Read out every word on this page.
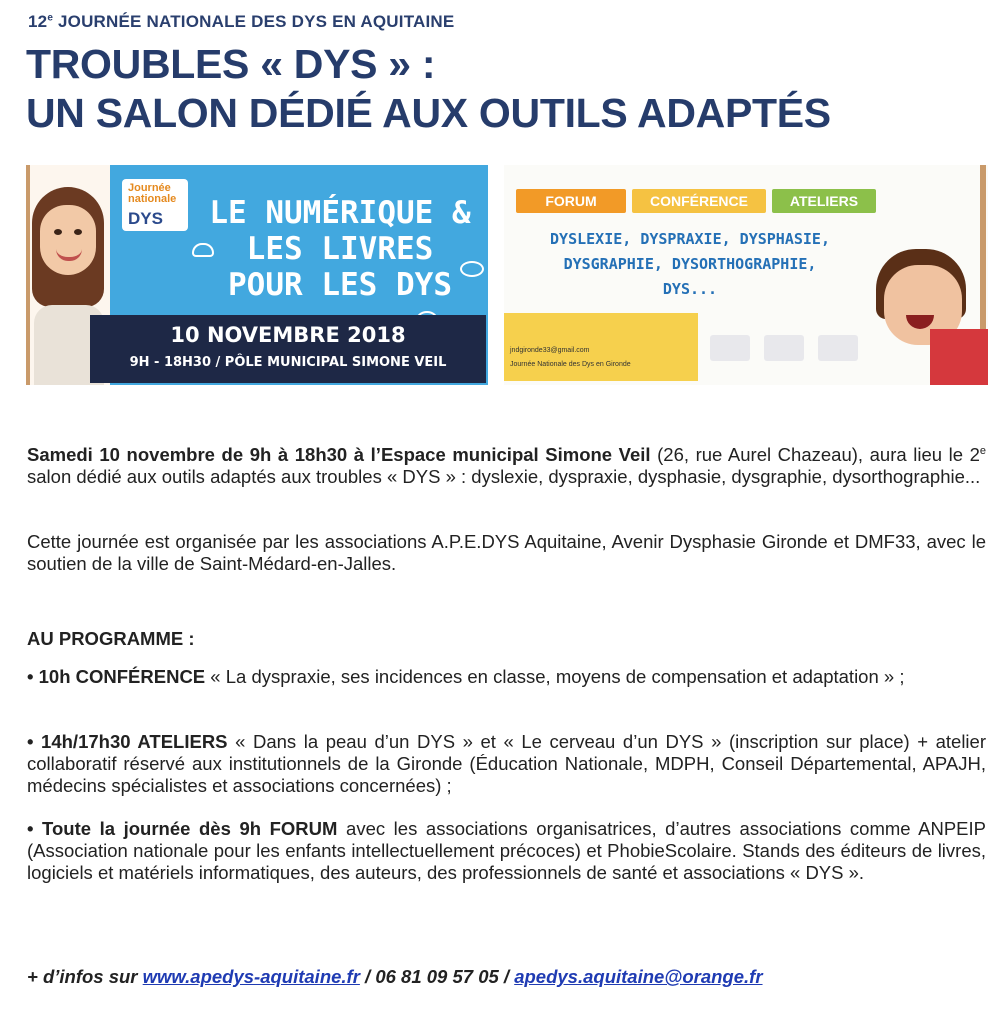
12e JOURNÉE NATIONALE DES DYS EN AQUITAINE
TROUBLES « DYS » :
UN SALON DÉDIÉ AUX OUTILS ADAPTÉS
Journée nationale
DYS	LE NUMÉRIQUE &
LES LIVRES
POUR LES DYS
10 NOVEMBRE 2018
9H - 18H30 / PÔLE MUNICIPAL SIMONE VEIL
FORUM	CONFÉRENCE	ATELIERS
DYSLEXIE, DYSPRAXIE, DYSPHASIE,
DYSGRAPHIE, DYSORTHOGRAPHIE,
DYS...
jndgironde33@gmail.com
Journée Nationale des Dys en Gironde
Samedi 10 novembre de 9h à 18h30 à l’Espace municipal Simone Veil (26, rue Aurel Chazeau), aura lieu le 2e salon dédié aux outils adaptés aux troubles « DYS » : dyslexie, dyspraxie, dysphasie, dysgraphie, dysorthographie...
Cette journée est organisée par les associations A.P.E.DYS Aquitaine, Avenir Dysphasie Gironde et DMF33, avec le soutien de la ville de Saint-Médard-en-Jalles.
AU PROGRAMME :
• 10h CONFÉRENCE « La dyspraxie, ses incidences en classe, moyens de compensation et adaptation » ;
• 14h/17h30 ATELIERS « Dans la peau d’un DYS » et « Le cerveau d’un DYS » (inscription sur place) + atelier collaboratif réservé aux institutionnels de la Gironde (Éducation Nationale, MDPH, Conseil Départemental, APAJH, médecins spécialistes et associations concernées) ;
• Toute la journée dès 9h FORUM avec les associations organisatrices, d’autres associations comme ANPEIP (Association nationale pour les enfants intellectuellement précoces) et PhobieScolaire. Stands des éditeurs de livres, logiciels et matériels informatiques, des auteurs, des professionnels de santé et associations « DYS ».
+ d’infos sur www.apedys-aquitaine.fr / 06 81 09 57 05 / apedys.aquitaine@orange.fr
